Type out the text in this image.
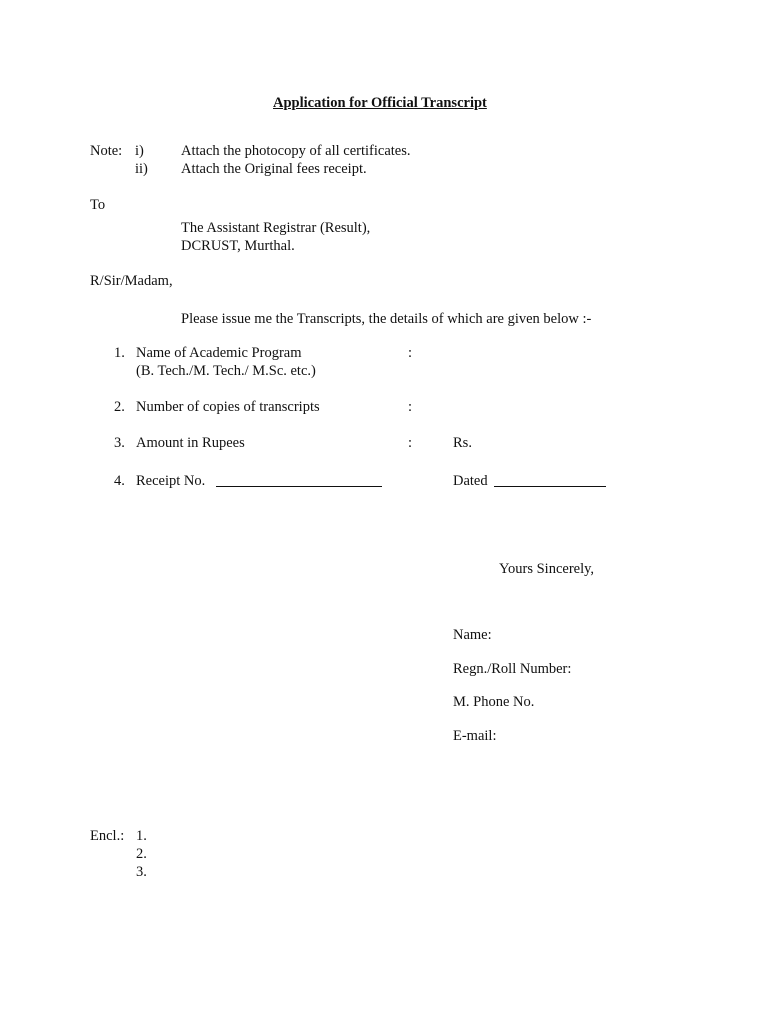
Application for Official Transcript
Note: i)	Attach the photocopy of all certificates.
ii) Attach the Original fees receipt.
To
The Assistant Registrar (Result),
DCRUST, Murthal.
R/Sir/Madam,
Please issue me the Transcripts, the details of which are given below :-
1. Name of Academic Program
(B. Tech./M. Tech./ M.Sc. etc.)
:
2. Number of copies of transcripts	:
3. Amount in Rupees	:	Rs.
4. Receipt No.	Dated
Yours Sincerely,
Name:
Regn./Roll Number:
M. Phone No.
E-mail:
Encl.: 1.
2.
3.
